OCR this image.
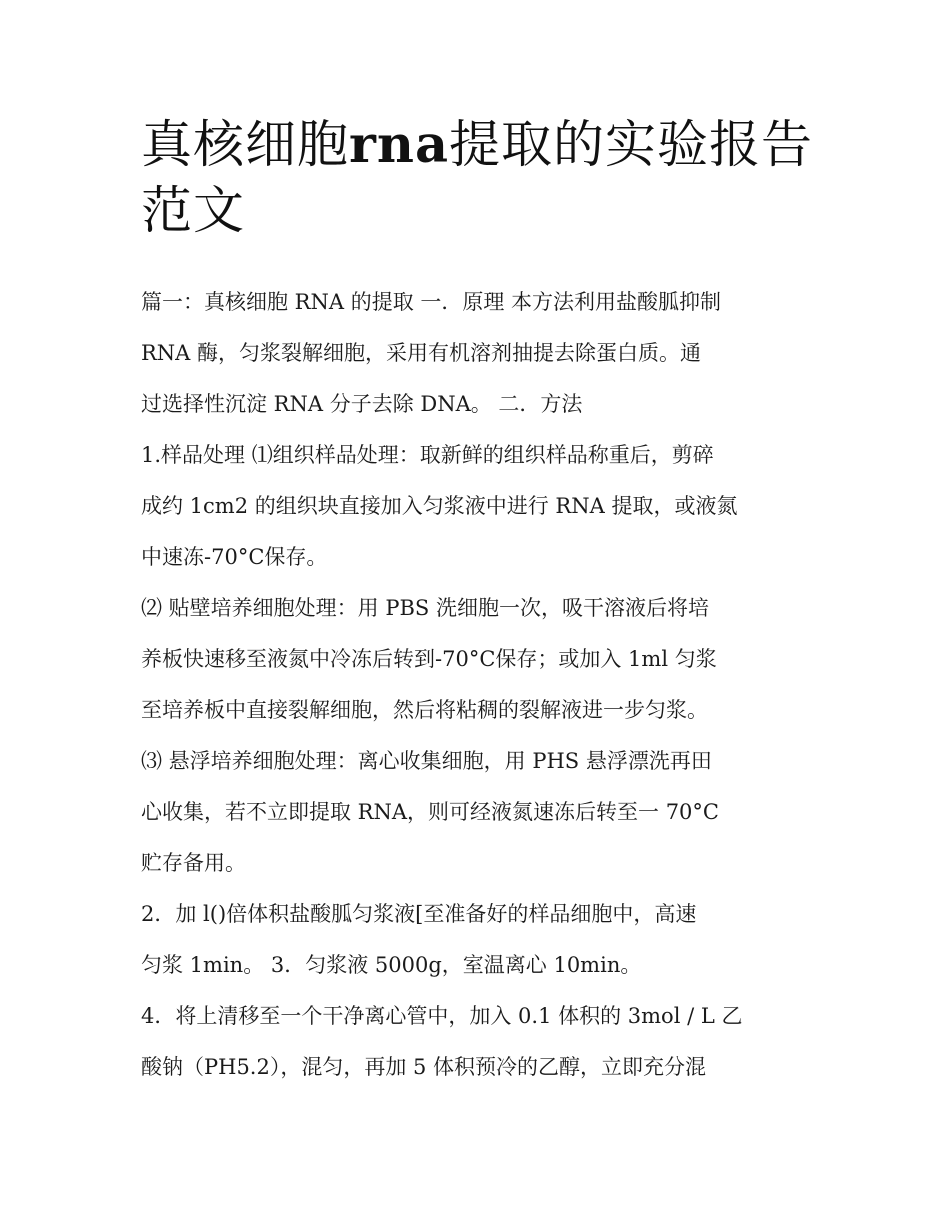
真核细胞rna提取的实验报告
范文

篇一：真核细胞 RNA 的提取 一．原理 本方法利用盐酸胍抑制
RNA 酶，匀浆裂解细胞，采用有机溶剂抽提去除蛋白质。通
过选择性沉淀 RNA 分子去除 DNA。 二．方法

1.样品处理 ⑴组织样品处理：取新鲜的组织样品称重后，剪碎
成约 1cm2 的组织块直接加入匀浆液中进行 RNA 提取，或液氮
中速冻-70°C保存。

⑵ 贴壁培养细胞处理：用 PBS 洗细胞一次，吸干溶液后将培
养板快速移至液氮中冷冻后转到-70°C保存；或加入 1ml 匀浆
至培养板中直接裂解细胞，然后将粘稠的裂解液进一步匀浆。

⑶ 悬浮培养细胞处理：离心收集细胞，用 PHS 悬浮漂洗再田
心收集，若不立即提取 RNA，则可经液氮速冻后转至一 70°C
贮存备用。

2．加 l()倍体积盐酸胍匀浆液[至准备好的样品细胞中，高速
匀浆 1min。 3．匀浆液 5000g，室温离心 10min。

4．将上清移至一个干净离心管中，加入 0.1 体积的 3mol / L 乙
酸钠（PH5.2），混匀，再加 5 体积预冷的乙醇，立即充分混
